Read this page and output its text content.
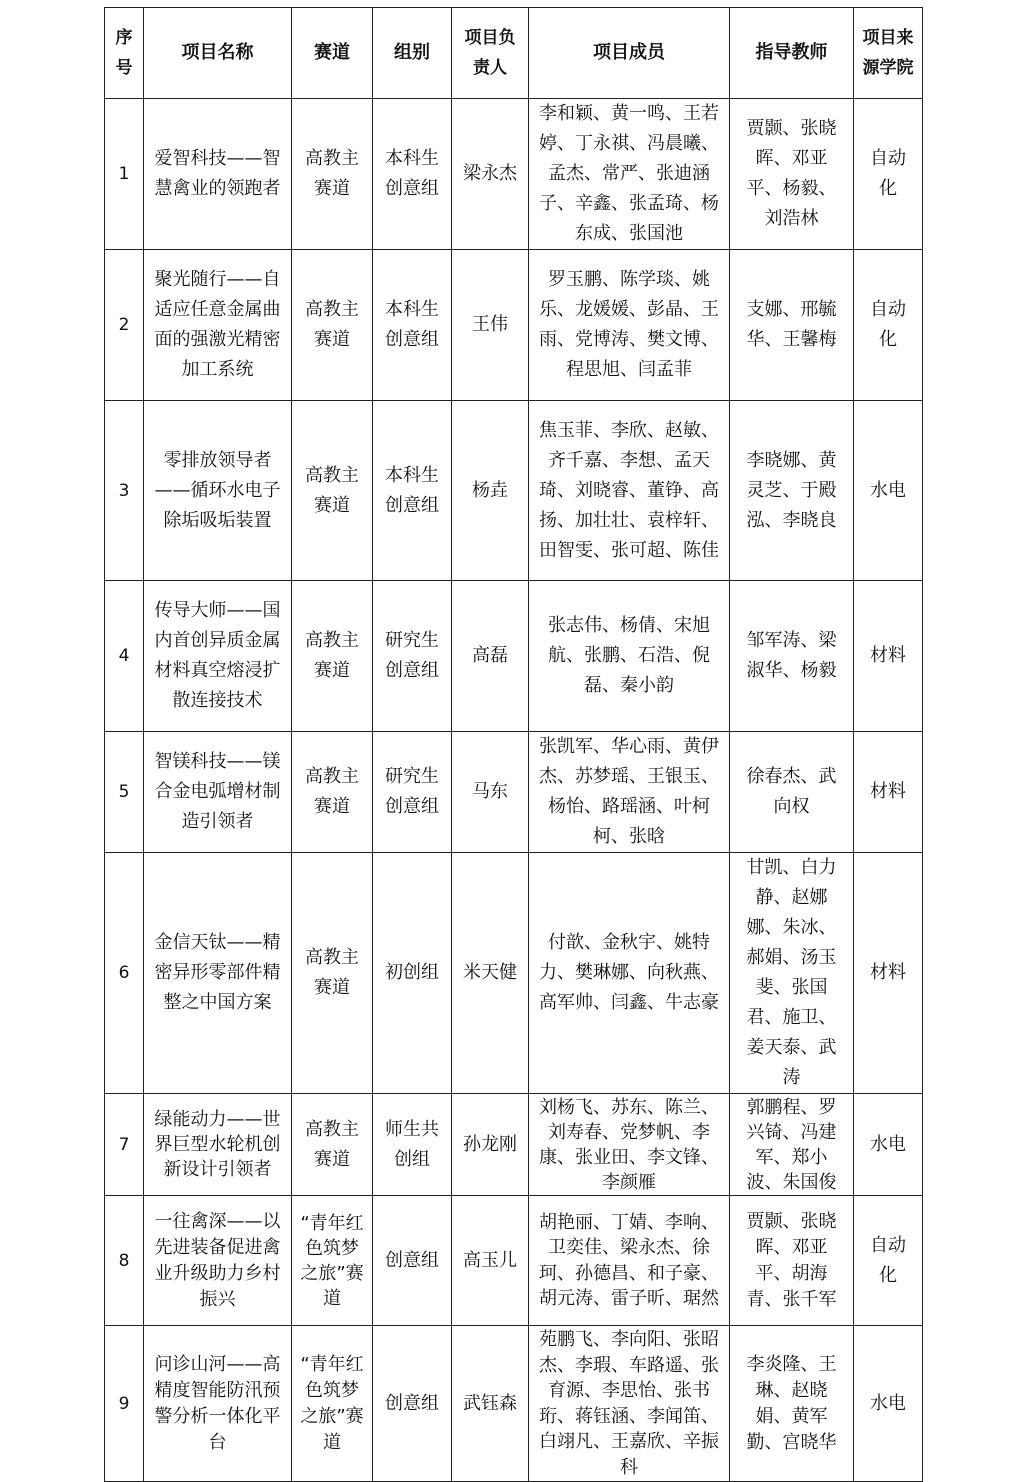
序号	项目名称	赛道	组别	项目负责人	项目成员	指导教师	项目来源学院
1	爱智科技——智慧禽业的领跑者	高教主赛道	本科生创意组	梁永杰	李和颖、黄一鸣、王若婷、丁永祺、冯晨曦、孟杰、常严、张迪涵子、辛鑫、张孟琦、杨东成、张国池	贾颢、张晓晖、邓亚平、杨毅、刘浩林	自动化
2	聚光随行——自适应任意金属曲面的强激光精密加工系统	高教主赛道	本科生创意组	王伟	罗玉鹏、陈学琰、姚乐、龙媛媛、彭晶、王雨、党博涛、樊文博、程思旭、闫孟菲	支娜、邢毓华、王馨梅	自动化
3	零排放领导者——循环水电子除垢吸垢装置	高教主赛道	本科生创意组	杨垚	焦玉菲、李欣、赵敏、齐千嘉、李想、孟天琦、刘晓睿、董铮、高扬、加壮壮、袁梓轩、田智雯、张可超、陈佳	李晓娜、黄灵芝、于殿泓、李晓良	水电
4	传导大师——国内首创异质金属材料真空熔浸扩散连接技术	高教主赛道	研究生创意组	高磊	张志伟、杨倩、宋旭航、张鹏、石浩、倪磊、秦小韵	邹军涛、梁淑华、杨毅	材料
5	智镁科技——镁合金电弧增材制造引领者	高教主赛道	研究生创意组	马东	张凯军、华心雨、黄伊杰、苏梦瑶、王银玉、杨怡、路瑶涵、叶柯柯、张晗	徐春杰、武向权	材料
6	金信天钛——精密异形零部件精整之中国方案	高教主赛道	初创组	米天健	付歆、金秋宇、姚特力、樊琳娜、向秋燕、高军帅、闫鑫、牛志豪	甘凯、白力静、赵娜娜、朱冰、郝娟、汤玉斐、张国君、施卫、姜天泰、武涛	材料
7	绿能动力——世界巨型水轮机创新设计引领者	高教主赛道	师生共创组	孙龙刚	刘杨飞、苏东、陈兰、刘寿春、党梦帆、李康、张业田、李文锋、李颜雁	郭鹏程、罗兴锜、冯建军、郑小波、朱国俊	水电
8	一往禽深——以先进装备促进禽业升级助力乡村振兴	“青年红色筑梦之旅”赛道	创意组	高玉儿	胡艳丽、丁婧、李响、卫奕佳、梁永杰、徐珂、孙德昌、和子豪、胡元涛、雷子昕、琚然	贾颢、张晓晖、邓亚平、胡海青、张千军	自动化
9	问诊山河——高精度智能防汛预警分析一体化平台	“青年红色筑梦之旅”赛道	创意组	武钰森	苑鹏飞、李向阳、张昭杰、李瑕、车路遥、张育源、李思怡、张书珩、蒋钰涵、李闻笛、白翊凡、王嘉欣、辛振科	李炎隆、王琳、赵晓娟、黄军勤、宫晓华	水电
